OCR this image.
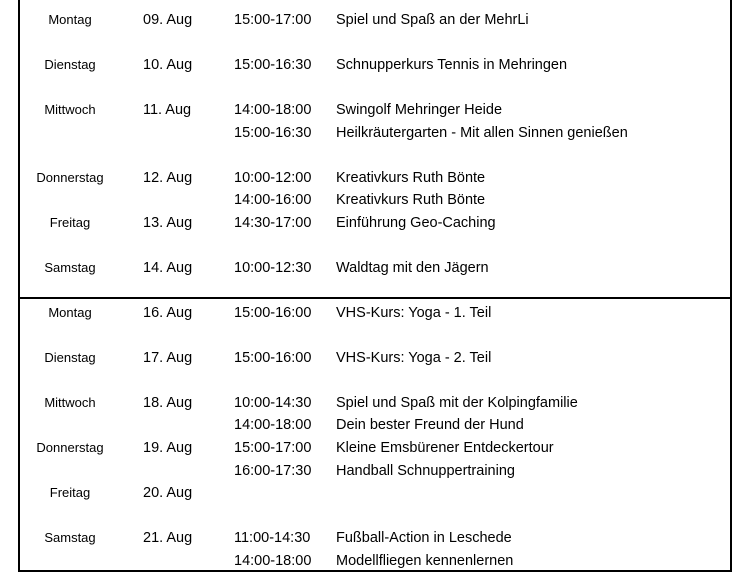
Montag	09. Aug	15:00-17:00 Spiel und Spaß an der MehrLi
Dienstag	10. Aug	15:00-16:30 Schnupperkurs Tennis in Mehringen
Mittwoch	11. Aug	14:00-18:00 Swingolf Mehringer Heide
15:00-16:30 Heilkräutergarten - Mit allen Sinnen genießen
Donnerstag	12. Aug	10:00-12:00 Kreativkurs Ruth Bönte
14:00-16:00 Kreativkurs Ruth Bönte
Freitag	13. Aug	14:30-17:00 Einführung Geo-Caching
Samstag	14. Aug	10:00-12:30 Waldtag mit den Jägern
Montag	16. Aug	15:00-16:00 VHS-Kurs: Yoga - 1. Teil
Dienstag	17. Aug	15:00-16:00 VHS-Kurs: Yoga - 2. Teil
Mittwoch	18. Aug	10:00-14:30 Spiel und Spaß mit der Kolpingfamilie
14:00-18:00 Dein bester Freund der Hund
Donnerstag	19. Aug	15:00-17:00 Kleine Emsbürener Entdeckertour
16:00-17:30 Handball Schnuppertraining
Freitag	20. Aug
Samstag	21. Aug	11:00-14:30 Fußball-Action in Leschede
14:00-18:00 Modellfliegen kennenlernen
